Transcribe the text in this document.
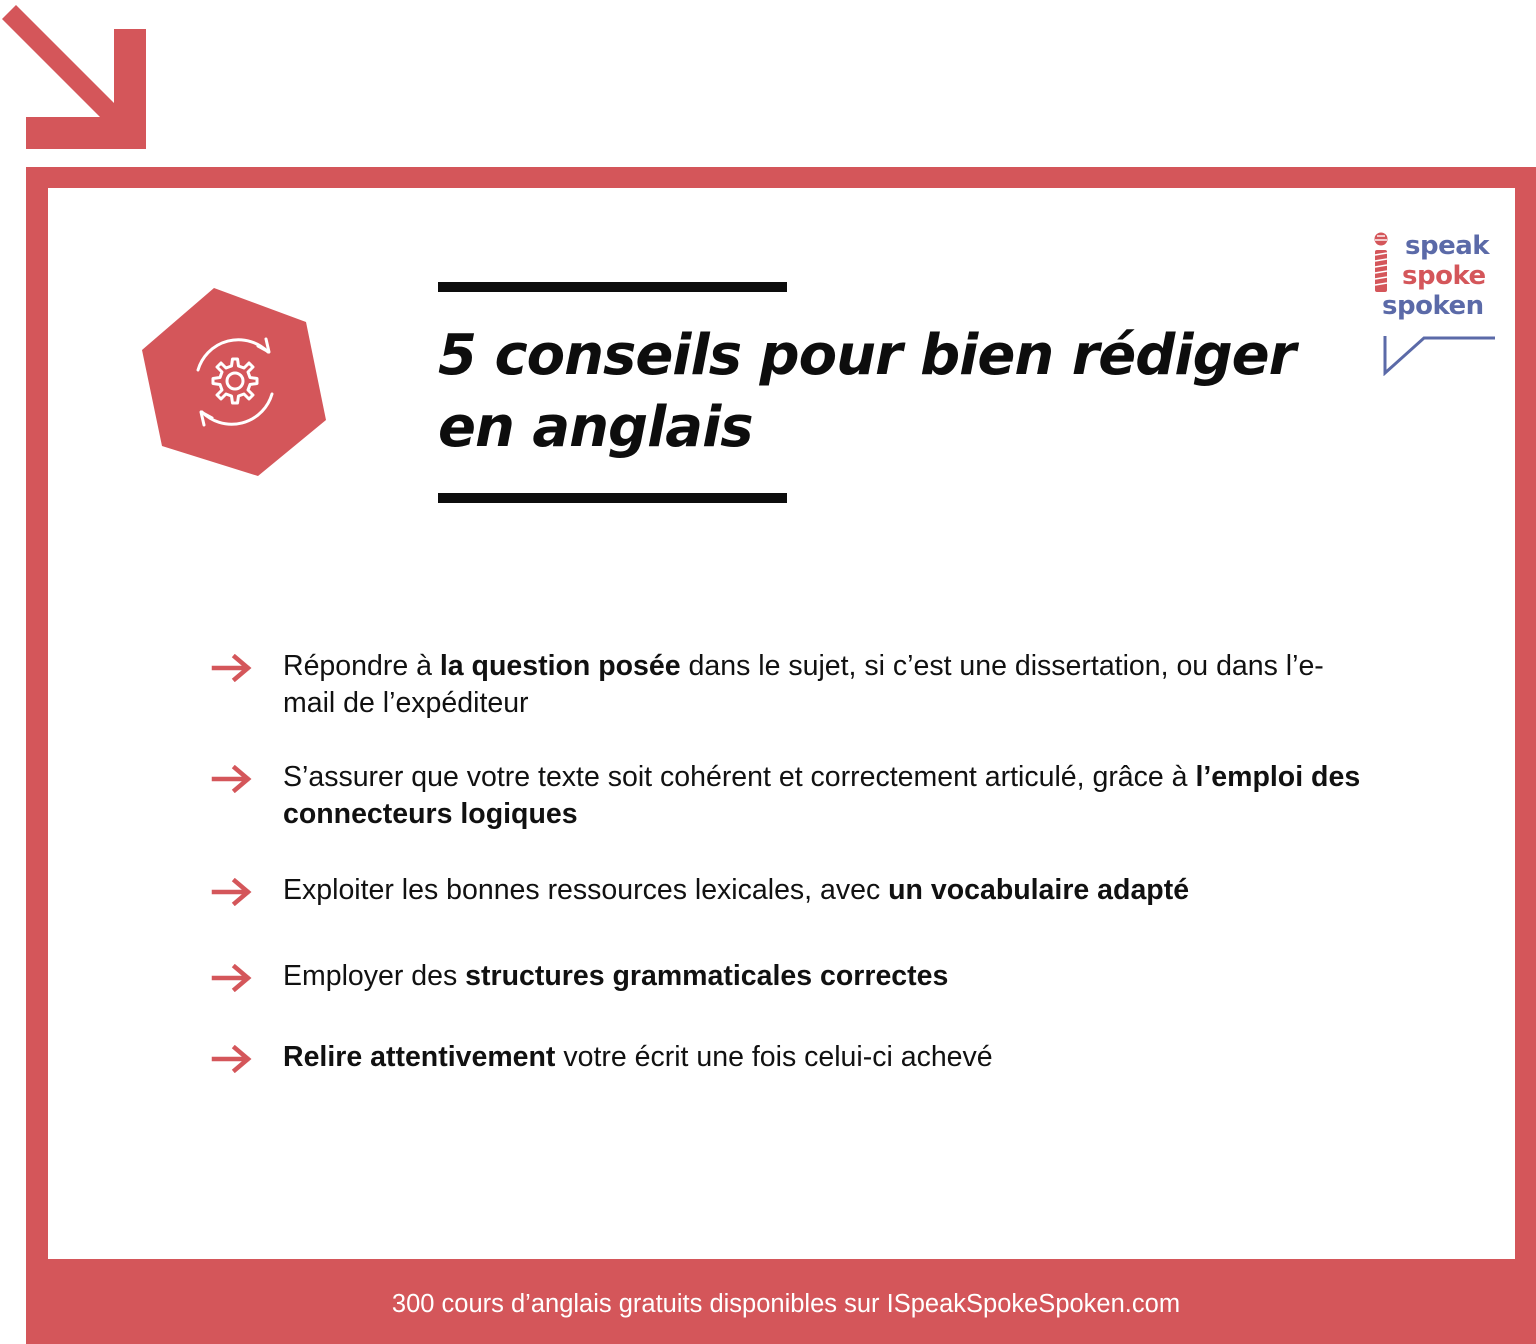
5 conseils pour bien rédiger
en anglais
speak
spoke
spoken

Répondre à la question posée dans le sujet, si c’est une dissertation, ou dans l’e-mail de l’expéditeur

S’assurer que votre texte soit cohérent et correctement articulé, grâce à l’emploi des connecteurs logiques

Exploiter les bonnes ressources lexicales, avec un vocabulaire adapté

Employer des structures grammaticales correctes

Relire attentivement votre écrit une fois celui-ci achevé

300 cours d’anglais gratuits disponibles sur ISpeakSpokeSpoken.com
